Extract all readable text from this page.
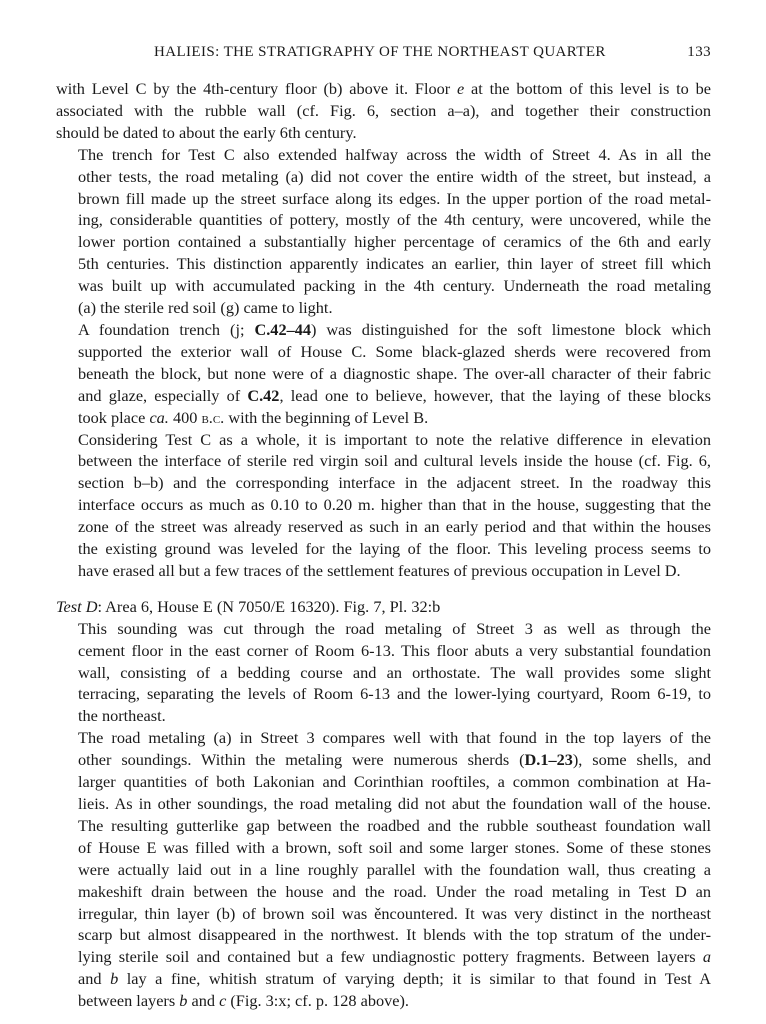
HALIEIS: THE STRATIGRAPHY OF THE NORTHEAST QUARTER	133

with Level C by the 4th-century floor (b) above it. Floor e at the bottom of this level is to be
associated with the rubble wall (cf. Fig. 6, section a–a), and together their construction
should be dated to about the early 6th century.

The trench for Test C also extended halfway across the width of Street 4. As in all the
other tests, the road metaling (a) did not cover the entire width of the street, but instead, a
brown fill made up the street surface along its edges. In the upper portion of the road metal-
ing, considerable quantities of pottery, mostly of the 4th century, were uncovered, while the
lower portion contained a substantially higher percentage of ceramics of the 6th and early
5th centuries. This distinction apparently indicates an earlier, thin layer of street fill which
was built up with accumulated packing in the 4th century. Underneath the road metaling
(a) the sterile red soil (g) came to light.

A foundation trench (j; C.42–44) was distinguished for the soft limestone block which
supported the exterior wall of House C. Some black-glazed sherds were recovered from
beneath the block, but none were of a diagnostic shape. The over-all character of their fabric
and glaze, especially of C.42, lead one to believe, however, that the laying of these blocks
took place ca. 400 b.c. with the beginning of Level B.

Considering Test C as a whole, it is important to note the relative difference in elevation
between the interface of sterile red virgin soil and cultural levels inside the house (cf. Fig. 6,
section b–b) and the corresponding interface in the adjacent street. In the roadway this
interface occurs as much as 0.10 to 0.20 m. higher than that in the house, suggesting that the
zone of the street was already reserved as such in an early period and that within the houses
the existing ground was leveled for the laying of the floor. This leveling process seems to
have erased all but a few traces of the settlement features of previous occupation in Level D.

Test D: Area 6, House E (N 7050/E 16320). Fig. 7, Pl. 32:b

This sounding was cut through the road metaling of Street 3 as well as through the
cement floor in the east corner of Room 6-13. This floor abuts a very substantial foundation
wall, consisting of a bedding course and an orthostate. The wall provides some slight
terracing, separating the levels of Room 6-13 and the lower-lying courtyard, Room 6-19, to
the northeast.

The road metaling (a) in Street 3 compares well with that found in the top layers of the
other soundings. Within the metaling were numerous sherds (D.1–23), some shells, and
larger quantities of both Lakonian and Corinthian rooftiles, a common combination at Ha-
lieis. As in other soundings, the road metaling did not abut the foundation wall of the house.
The resulting gutterlike gap between the roadbed and the rubble southeast foundation wall
of House E was filled with a brown, soft soil and some larger stones. Some of these stones
were actually laid out in a line roughly parallel with the foundation wall, thus creating a
makeshift drain between the house and the road. Under the road metaling in Test D an
irregular, thin layer (b) of brown soil was ěncountered. It was very distinct in the northeast
scarp but almost disappeared in the northwest. It blends with the top stratum of the under-
lying sterile soil and contained but a few undiagnostic pottery fragments. Between layers a
and b lay a fine, whitish stratum of varying depth; it is similar to that found in Test A
between layers b and c (Fig. 3:x; cf. p. 128 above).
